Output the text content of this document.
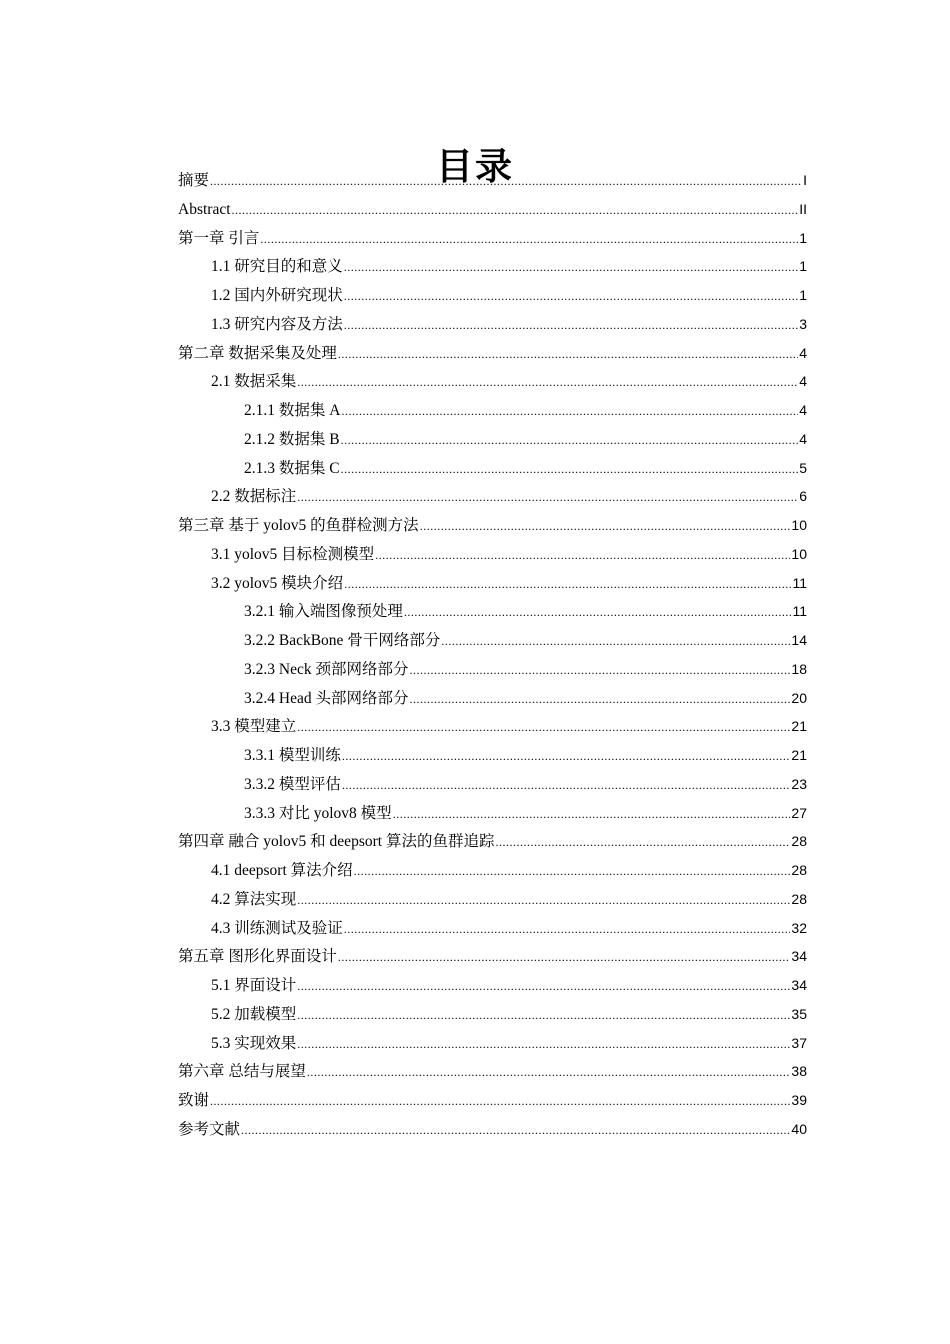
目录
摘要 .....	I
Abstract .....	II
第一章 引言 .....	1
1.1 研究目的和意义 .....	1
1.2 国内外研究现状 .....	1
1.3 研究内容及方法 .....	3
第二章 数据采集及处理 .....	4
2.1 数据采集 .....	4
2.1.1 数据集 A .....	4
2.1.2 数据集 B .....	4
2.1.3 数据集 C .....	5
2.2 数据标注 .....	6
第三章 基于 yolov5 的鱼群检测方法 .....	10
3.1 yolov5 目标检测模型 .....	10
3.2 yolov5 模块介绍 .....	11
3.2.1 输入端图像预处理 .....	11
3.2.2 BackBone 骨干网络部分 .....	14
3.2.3 Neck 颈部网络部分 .....	18
3.2.4 Head 头部网络部分 .....	20
3.3 模型建立 .....	21
3.3.1 模型训练 .....	21
3.3.2 模型评估 .....	23
3.3.3 对比 yolov8 模型 .....	27
第四章 融合 yolov5 和 deepsort 算法的鱼群追踪 .....	28
4.1 deepsort 算法介绍 .....	28
4.2 算法实现 .....	28
4.3 训练测试及验证 .....	32
第五章 图形化界面设计 .....	34
5.1 界面设计 .....	34
5.2 加载模型 .....	35
5.3 实现效果 .....	37
第六章 总结与展望 .....	38
致谢 .....	39
参考文献 .....	40
